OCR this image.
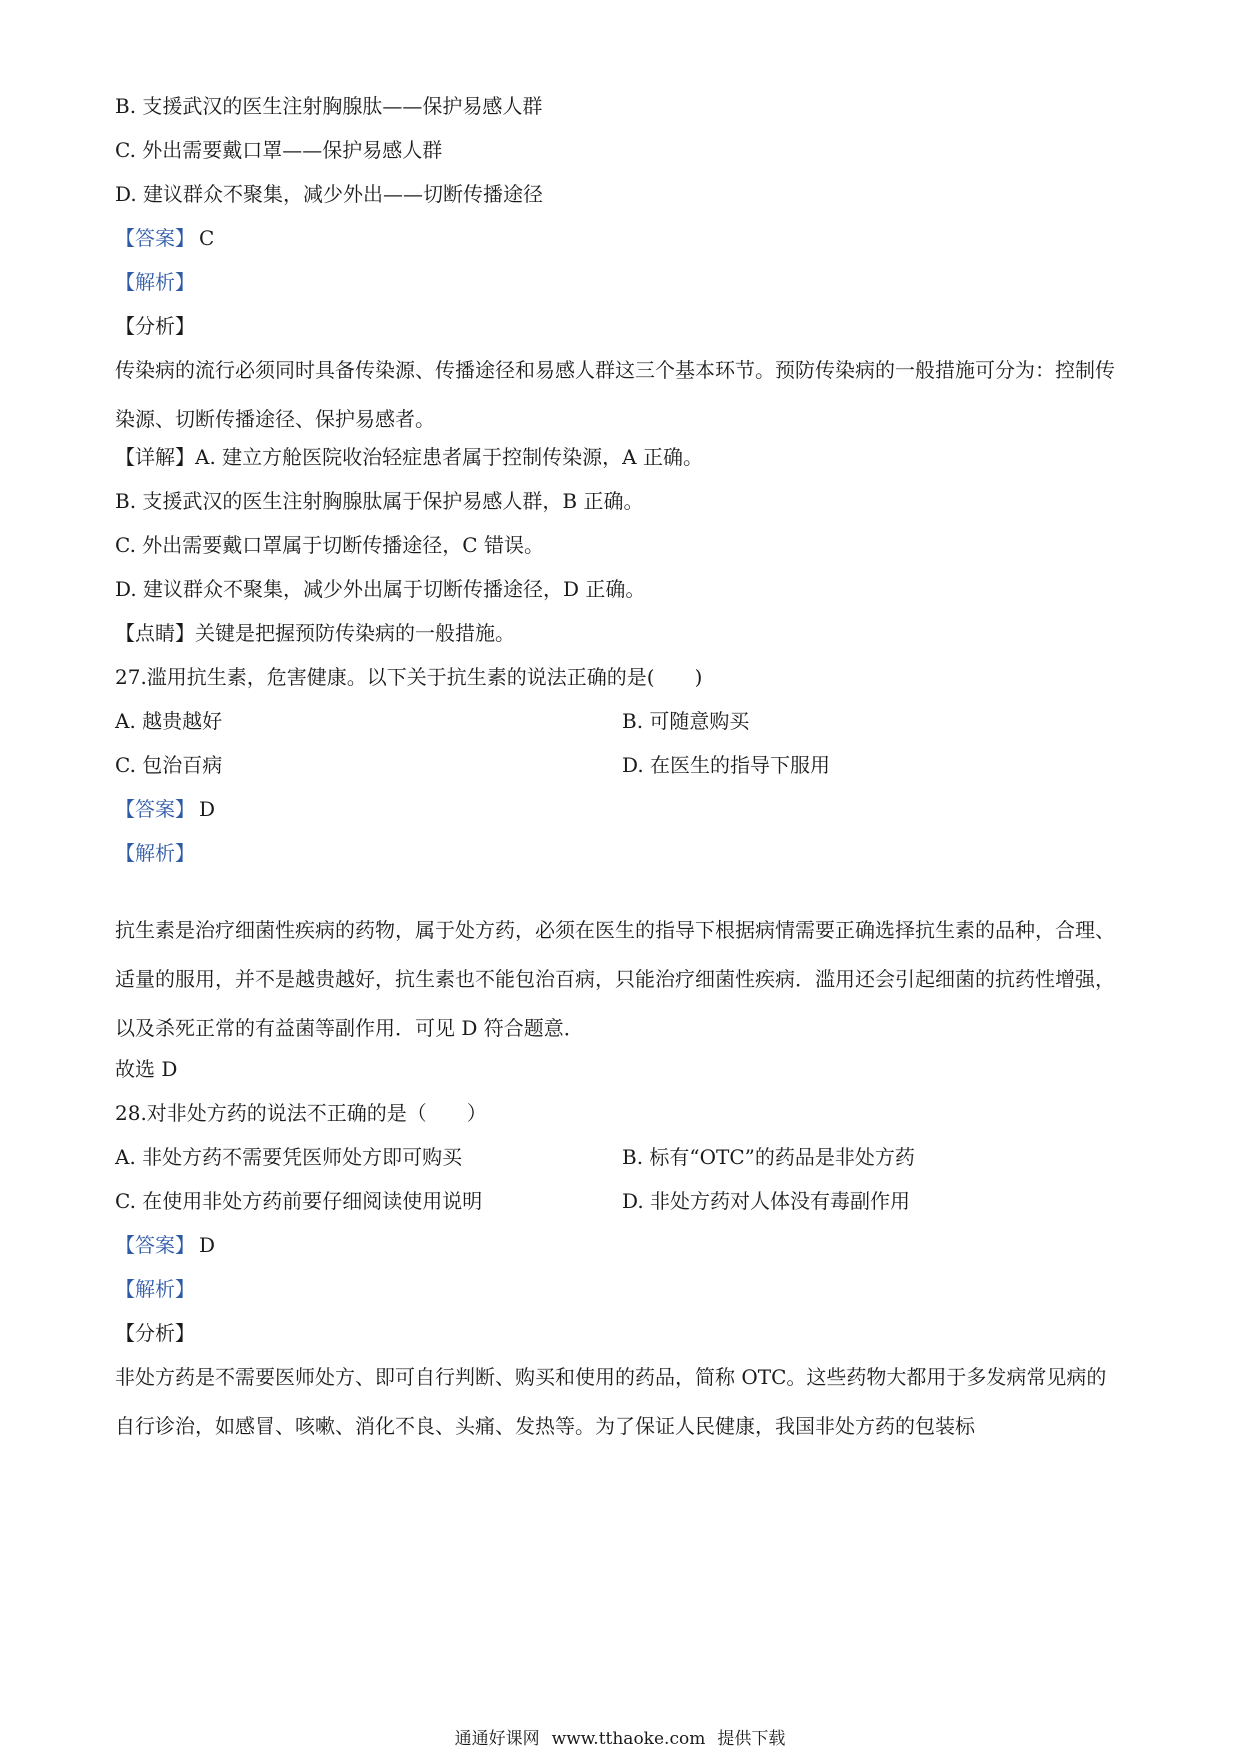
B. 支援武汉的医生注射胸腺肽——保护易感人群
C. 外出需要戴口罩——保护易感人群
D. 建议群众不聚集，减少外出——切断传播途径
【答案】 C
【解析】
【分析】
传染病的流行必须同时具备传染源、传播途径和易感人群这三个基本环节。预防传染病的一般措施可分为：控制传染源、切断传播途径、保护易感者。
【详解】A. 建立方舱医院收治轻症患者属于控制传染源，A 正确。
B. 支援武汉的医生注射胸腺肽属于保护易感人群，B 正确。
C. 外出需要戴口罩属于切断传播途径，C 错误。
D. 建议群众不聚集，减少外出属于切断传播途径，D 正确。
【点睛】关键是把握预防传染病的一般措施。
27.滥用抗生素，危害健康。以下关于抗生素的说法正确的是(　　)
A. 越贵越好	B. 可随意购买
C. 包治百病	D. 在医生的指导下服用
【答案】 D
【解析】
抗生素是治疗细菌性疾病的药物，属于处方药，必须在医生的指导下根据病情需要正确选择抗生素的品种，合理、适量的服用，并不是越贵越好，抗生素也不能包治百病，只能治疗细菌性疾病．滥用还会引起细菌的抗药性增强，以及杀死正常的有益菌等副作用．可见 D 符合题意．
故选 D
28.对非处方药的说法不正确的是（　　）
A. 非处方药不需要凭医师处方即可购买	B. 标有“OTC”的药品是非处方药
C. 在使用非处方药前要仔细阅读使用说明	D. 非处方药对人体没有毒副作用
【答案】 D
【解析】
【分析】
非处方药是不需要医师处方、即可自行判断、购买和使用的药品，简称 OTC。这些药物大都用于多发病常见病的自行诊治，如感冒、咳嗽、消化不良、头痛、发热等。为了保证人民健康，我国非处方药的包装标
通通好课网 www.tthaoke.com 提供下载
